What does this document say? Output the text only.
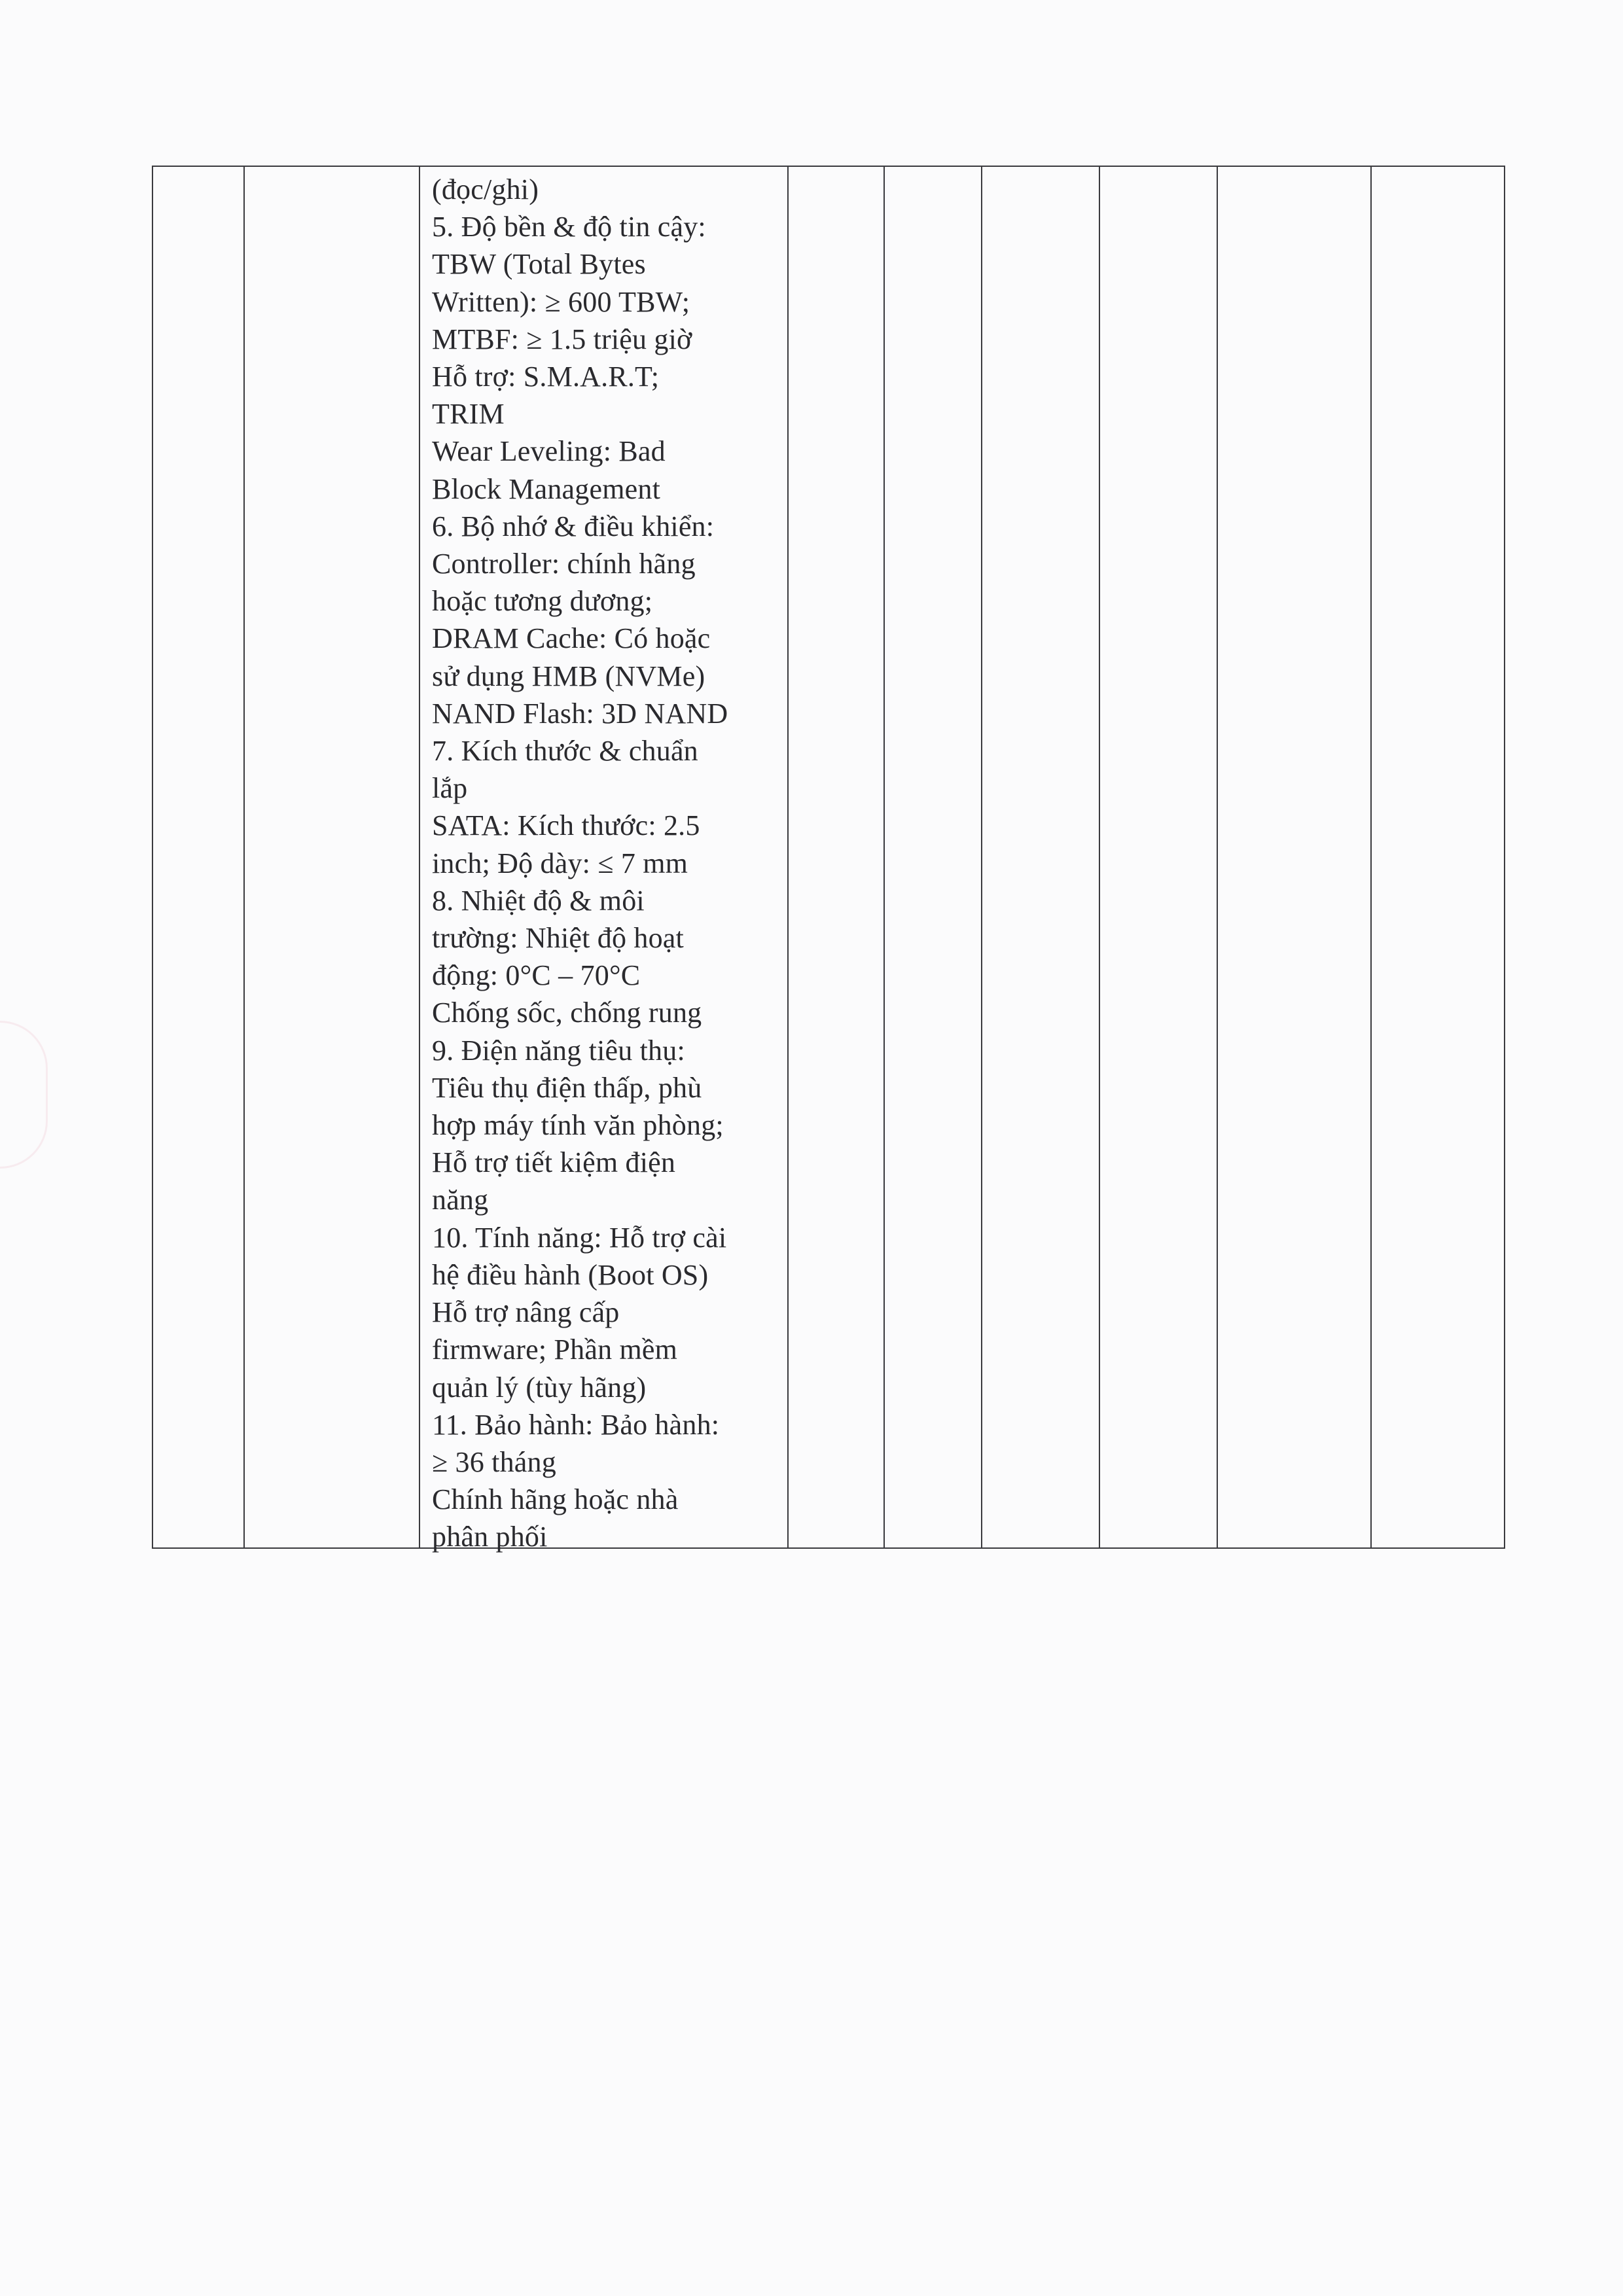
(đọc/ghi)
5. Độ bền & độ tin cậy:
TBW (Total Bytes
Written): ≥ 600 TBW;
MTBF: ≥ 1.5 triệu giờ
Hỗ trợ: S.M.A.R.T;
TRIM
Wear Leveling: Bad
Block Management
6. Bộ nhớ & điều khiển:
Controller: chính hãng
hoặc tương dương;
DRAM Cache: Có hoặc
sử dụng HMB (NVMe)
NAND Flash: 3D NAND
7. Kích thước & chuẩn
lắp
SATA: Kích thước: 2.5
inch; Độ dày: ≤ 7 mm
8. Nhiệt độ & môi
trường: Nhiệt độ hoạt
động: 0°C – 70°C
Chống sốc, chống rung
9. Điện năng tiêu thụ:
Tiêu thụ điện thấp, phù
hợp máy tính văn phòng;
Hỗ trợ tiết kiệm điện
năng
10. Tính năng: Hỗ trợ cài
hệ điều hành (Boot OS)
Hỗ trợ nâng cấp
firmware; Phần mềm
quản lý (tùy hãng)
11. Bảo hành: Bảo hành:
≥ 36 tháng
Chính hãng hoặc nhà
phân phối
